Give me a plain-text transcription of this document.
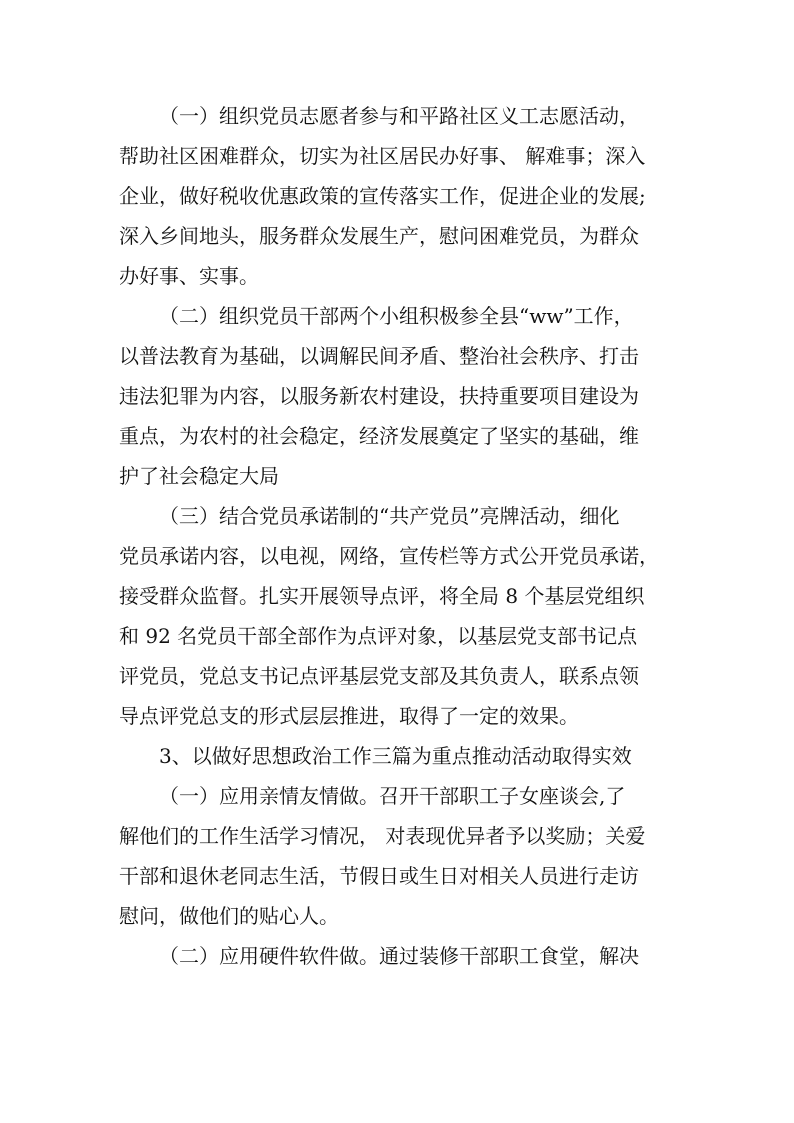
（一）组织党员志愿者参与和平路社区义工志愿活动，
帮助社区困难群众，切实为社区居民办好事、 解难事；深入
企业，做好税收优惠政策的宣传落实工作，促进企业的发展;
深入乡间地头，服务群众发展生产，慰问困难党员，为群众
办好事、实事。
（二）组织党员干部两个小组积极参全县“ww”工作，
以普法教育为基础，以调解民间矛盾、整治社会秩序、打击
违法犯罪为内容，以服务新农村建设，扶持重要项目建设为
重点，为农村的社会稳定，经济发展奠定了坚实的基础，维
护了社会稳定大局
（三）结合党员承诺制的“共产党员”亮牌活动，细化
党员承诺内容，以电视，网络，宣传栏等方式公开党员承诺，
接受群众监督。扎实开展领导点评，将全局 8 个基层党组织
和 92 名党员干部全部作为点评对象，以基层党支部书记点
评党员，党总支书记点评基层党支部及其负责人，联系点领
导点评党总支的形式层层推进，取得了一定的效果。
3、以做好思想政治工作三篇为重点推动活动取得实效
（一）应用亲情友情做。召开干部职工子女座谈会,了
解他们的工作生活学习情况， 对表现优异者予以奖励；关爱
干部和退休老同志生活，节假日或生日对相关人员进行走访
慰问，做他们的贴心人。
（二）应用硬件软件做。通过装修干部职工食堂，解决
